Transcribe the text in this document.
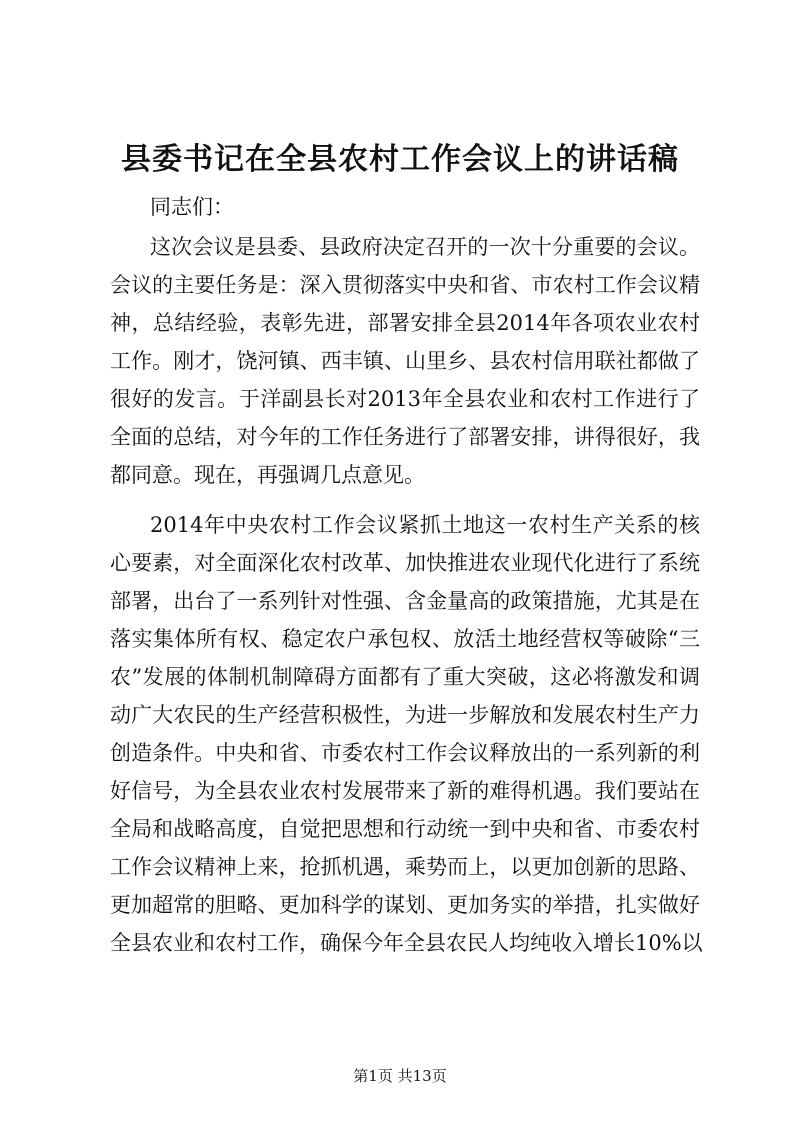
县委书记在全县农村工作会议上的讲话稿

同志们：

这次会议是县委、县政府决定召开的一次十分重要的会议。

会议的主要任务是：深入贯彻落实中央和省、市农村工作会议精

神，总结经验，表彰先进，部署安排全县2014年各项农业农村

工作。刚才，饶河镇、西丰镇、山里乡、县农村信用联社都做了

很好的发言。于洋副县长对2013年全县农业和农村工作进行了

全面的总结，对今年的工作任务进行了部署安排，讲得很好，我

都同意。现在，再强调几点意见。

2014年中央农村工作会议紧抓土地这一农村生产关系的核

心要素，对全面深化农村改革、加快推进农业现代化进行了系统

部署，出台了一系列针对性强、含金量高的政策措施，尤其是在

落实集体所有权、稳定农户承包权、放活土地经营权等破除“三

农”发展的体制机制障碍方面都有了重大突破，这必将激发和调

动广大农民的生产经营积极性，为进一步解放和发展农村生产力

创造条件。中央和省、市委农村工作会议释放出的一系列新的利

好信号，为全县农业农村发展带来了新的难得机遇。我们要站在

全局和战略高度，自觉把思想和行动统一到中央和省、市委农村

工作会议精神上来，抢抓机遇，乘势而上，以更加创新的思路、

更加超常的胆略、更加科学的谋划、更加务实的举措，扎实做好

全县农业和农村工作，确保今年全县农民人均纯收入增长10%以

第1页 共13页
